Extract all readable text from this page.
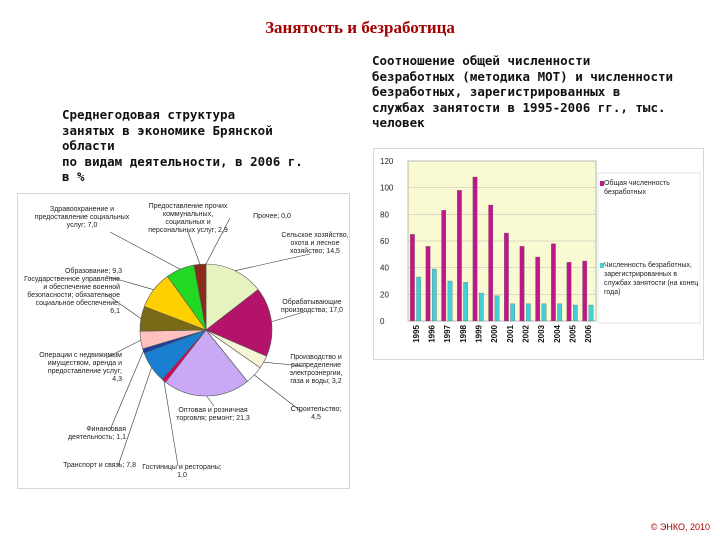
Занятость и безработица
Среднегодовая структура
занятых в экономике Брянской
области
по видам деятельности, в 2006 г.
в %
Соотношение общей численности
безработных (методика МОТ) и численности
безработных, зарегистрированных в
службах занятости в 1995-2006 гг., тыс.
человек
Здравоохранение и предоставление социальных услуг; 7,0
Предоставление прочих коммунальных, социальных и персональных услуг; 2,9
Прочее; 0,0
Сельское хозяйство, охота и лесное хозяйство; 14,5
Образование; 9,3
Государственное управление и обеспечение военной безопасности; обязательное социальное обеспечение; 6,1
Обрабатывающие производства; 17,0
Операции с недвижимым имуществом, аренда и предоставление услуг; 4,3
Производство и распределение электроэнергии, газа и воды; 3,2
Строительство; 4,5
Финансовая деятельность; 1,1
Оптовая и розничная торговля; ремонт; 21,3
Транспорт и связь; 7,8 Гостиницы и рестораны; 1,0
0
20
40
60
80
100
120
1995 1996 1997 1998 1999 2000 2001 2002 2003 2004 2005 2006
Общая численность безработных
Численность безработных, зарегистрированных в службах занятости (на конец года)
© ЭНКО, 2010
